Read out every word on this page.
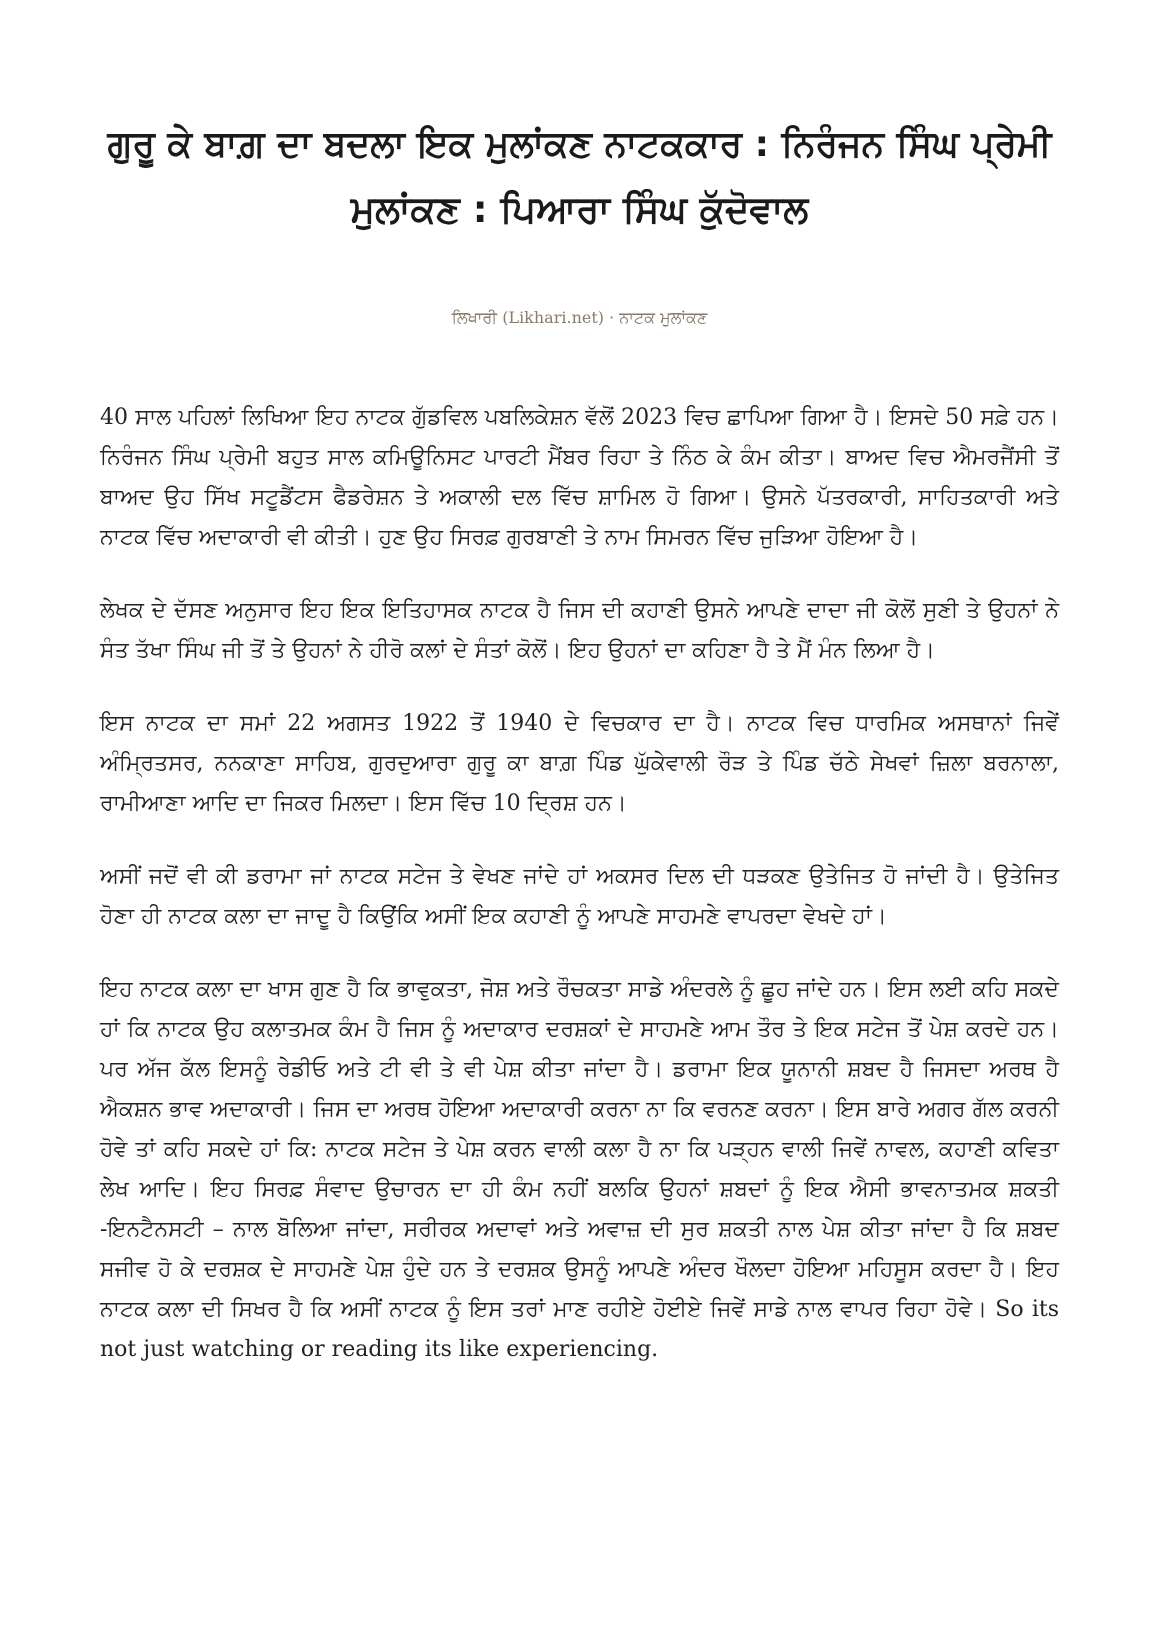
ਗੁਰੂ ਕੇ ਬਾਗ਼ ਦਾ ਬਦਲਾ ਇਕ ਮੁਲਾਂਕਣ ਨਾਟਕਕਾਰ : ਨਿਰੰਜਨ ਸਿੰਘ ਪ੍ਰੇਮੀ
ਮੁਲਾਂਕਣ : ਪਿਆਰਾ ਸਿੰਘ ਕੁੱਦੋਵਾਲ
ਲਿਖਾਰੀ (Likhari.net) · ਨਾਟਕ ਮੁਲਾਂਕਣ

40 ਸਾਲ ਪਹਿਲਾਂ ਲਿਖਿਆ ਇਹ ਨਾਟਕ ਗੁੱਡਵਿਲ ਪਬਲਿਕੇਸ਼ਨ ਵੱਲੋਂ 2023 ਵਿਚ ਛਾਪਿਆ ਗਿਆ ਹੈ। ਇਸਦੇ 50 ਸਫ਼ੇ ਹਨ। ਨਿਰੰਜਨ ਸਿੰਘ ਪ੍ਰੇਮੀ ਬਹੁਤ ਸਾਲ ਕਮਿਊਨਿਸਟ ਪਾਰਟੀ ਮੈਂਬਰ ਰਿਹਾ ਤੇ ਨਿੰਠ ਕੇ ਕੰਮ ਕੀਤਾ। ਬਾਅਦ ਵਿਚ ਐਮਰਜੈਂਸੀ ਤੋਂ ਬਾਅਦ ਉਹ ਸਿੱਖ ਸਟੂਡੈਂਟਸ ਫੈਡਰੇਸ਼ਨ ਤੇ ਅਕਾਲੀ ਦਲ ਵਿੱਚ ਸ਼ਾਮਿਲ ਹੋ ਗਿਆ। ਉਸਨੇ ਪੱਤਰਕਾਰੀ, ਸਾਹਿਤਕਾਰੀ ਅਤੇ ਨਾਟਕ ਵਿੱਚ ਅਦਾਕਾਰੀ ਵੀ ਕੀਤੀ। ਹੁਣ ਉਹ ਸਿਰਫ਼ ਗੁਰਬਾਣੀ ਤੇ ਨਾਮ ਸਿਮਰਨ ਵਿੱਚ ਜੁੜਿਆ ਹੋਇਆ ਹੈ।

ਲੇਖਕ ਦੇ ਦੱਸਣ ਅਨੁਸਾਰ ਇਹ ਇਕ ਇਤਿਹਾਸਕ ਨਾਟਕ ਹੈ ਜਿਸ ਦੀ ਕਹਾਣੀ ਉਸਨੇ ਆਪਣੇ ਦਾਦਾ ਜੀ ਕੋਲੋਂ ਸੁਣੀ ਤੇ ਉਹਨਾਂ ਨੇ ਸੰਤ ਤੱਖਾ ਸਿੰਘ ਜੀ ਤੋਂ ਤੇ ਉਹਨਾਂ ਨੇ ਹੀਰੋ ਕਲਾਂ ਦੇ ਸੰਤਾਂ ਕੋਲੋਂ। ਇਹ ਉਹਨਾਂ ਦਾ ਕਹਿਣਾ ਹੈ ਤੇ ਮੈਂ ਮੰਨ ਲਿਆ ਹੈ।

ਇਸ ਨਾਟਕ ਦਾ ਸਮਾਂ 22 ਅਗਸਤ 1922 ਤੋਂ 1940 ਦੇ ਵਿਚਕਾਰ ਦਾ ਹੈ। ਨਾਟਕ ਵਿਚ ਧਾਰਮਿਕ ਅਸਥਾਨਾਂ ਜਿਵੇਂ ਅੰਮ੍ਰਿਤਸਰ, ਨਨਕਾਣਾ ਸਾਹਿਬ, ਗੁਰਦੁਆਰਾ ਗੁਰੂ ਕਾ ਬਾਗ਼ ਪਿੰਡ ਘੁੱਕੇਵਾਲੀ ਰੌੜ ਤੇ ਪਿੰਡ ਚੱਠੇ ਸੇਖਵਾਂ ਜ਼ਿਲਾ ਬਰਨਾਲਾ, ਰਾਮੀਆਣਾ ਆਦਿ ਦਾ ਜਿਕਰ ਮਿਲਦਾ। ਇਸ ਵਿੱਚ 10 ਦ੍ਰਿਸ਼ ਹਨ।

ਅਸੀਂ ਜਦੋਂ ਵੀ ਕੀ ਡਰਾਮਾ ਜਾਂ ਨਾਟਕ ਸਟੇਜ ਤੇ ਵੇਖਣ ਜਾਂਦੇ ਹਾਂ ਅਕਸਰ ਦਿਲ ਦੀ ਧੜਕਣ ਉਤੇਜਿਤ ਹੋ ਜਾਂਦੀ ਹੈ। ਉਤੇਜਿਤ ਹੋਣਾ ਹੀ ਨਾਟਕ ਕਲਾ ਦਾ ਜਾਦੂ ਹੈ ਕਿਉਂਕਿ ਅਸੀਂ ਇਕ ਕਹਾਣੀ ਨੂੰ ਆਪਣੇ ਸਾਹਮਣੇ ਵਾਪਰਦਾ ਵੇਖਦੇ ਹਾਂ।

ਇਹ ਨਾਟਕ ਕਲਾ ਦਾ ਖਾਸ ਗੁਣ ਹੈ ਕਿ ਭਾਵੁਕਤਾ, ਜੋਸ਼ ਅਤੇ ਰੌਚਕਤਾ ਸਾਡੇ ਅੰਦਰਲੇ ਨੂੰ ਛੂਹ ਜਾਂਦੇ ਹਨ। ਇਸ ਲਈ ਕਹਿ ਸਕਦੇ ਹਾਂ ਕਿ ਨਾਟਕ ਉਹ ਕਲਾਤਮਕ ਕੰਮ ਹੈ ਜਿਸ ਨੂੰ ਅਦਾਕਾਰ ਦਰਸ਼ਕਾਂ ਦੇ ਸਾਹਮਣੇ ਆਮ ਤੌਰ ਤੇ ਇਕ ਸਟੇਜ ਤੋਂ ਪੇਸ਼ ਕਰਦੇ ਹਨ। ਪਰ ਅੱਜ ਕੱਲ ਇਸਨੂੰ ਰੇਡੀਓ ਅਤੇ ਟੀ ਵੀ ਤੇ ਵੀ ਪੇਸ਼ ਕੀਤਾ ਜਾਂਦਾ ਹੈ। ਡਰਾਮਾ ਇਕ ਯੂਨਾਨੀ ਸ਼ਬਦ ਹੈ ਜਿਸਦਾ ਅਰਥ ਹੈ ਐਕਸ਼ਨ ਭਾਵ ਅਦਾਕਾਰੀ। ਜਿਸ ਦਾ ਅਰਥ ਹੋਇਆ ਅਦਾਕਾਰੀ ਕਰਨਾ ਨਾ ਕਿ ਵਰਨਣ ਕਰਨਾ। ਇਸ ਬਾਰੇ ਅਗਰ ਗੱਲ ਕਰਨੀ ਹੋਵੇ ਤਾਂ ਕਹਿ ਸਕਦੇ ਹਾਂ ਕਿ: ਨਾਟਕ ਸਟੇਜ ਤੇ ਪੇਸ਼ ਕਰਨ ਵਾਲੀ ਕਲਾ ਹੈ ਨਾ ਕਿ ਪੜ੍ਹਨ ਵਾਲੀ ਜਿਵੇਂ ਨਾਵਲ, ਕਹਾਣੀ ਕਵਿਤਾ ਲੇਖ ਆਦਿ। ਇਹ ਸਿਰਫ਼ ਸੰਵਾਦ ਉਚਾਰਨ ਦਾ ਹੀ ਕੰਮ ਨਹੀਂ ਬਲਕਿ ਉਹਨਾਂ ਸ਼ਬਦਾਂ ਨੂੰ ਇਕ ਐਸੀ ਭਾਵਨਾਤਮਕ ਸ਼ਕਤੀ -ਇਨਟੈਨਸਟੀ – ਨਾਲ ਬੋਲਿਆ ਜਾਂਦਾ, ਸਰੀਰਕ ਅਦਾਵਾਂ ਅਤੇ ਅਵਾਜ਼ ਦੀ ਸੁਰ ਸ਼ਕਤੀ ਨਾਲ ਪੇਸ਼ ਕੀਤਾ ਜਾਂਦਾ ਹੈ ਕਿ ਸ਼ਬਦ ਸਜੀਵ ਹੋ ਕੇ ਦਰਸ਼ਕ ਦੇ ਸਾਹਮਣੇ ਪੇਸ਼ ਹੁੰਦੇ ਹਨ ਤੇ ਦਰਸ਼ਕ ਉਸਨੂੰ ਆਪਣੇ ਅੰਦਰ ਖੌਲਦਾ ਹੋਇਆ ਮਹਿਸੂਸ ਕਰਦਾ ਹੈ। ਇਹ ਨਾਟਕ ਕਲਾ ਦੀ ਸਿਖਰ ਹੈ ਕਿ ਅਸੀਂ ਨਾਟਕ ਨੂੰ ਇਸ ਤਰਾਂ ਮਾਣ ਰਹੀਏ ਹੋਈਏ ਜਿਵੇਂ ਸਾਡੇ ਨਾਲ ਵਾਪਰ ਰਿਹਾ ਹੋਵੇ। So its not just watching or reading its like experiencing.
